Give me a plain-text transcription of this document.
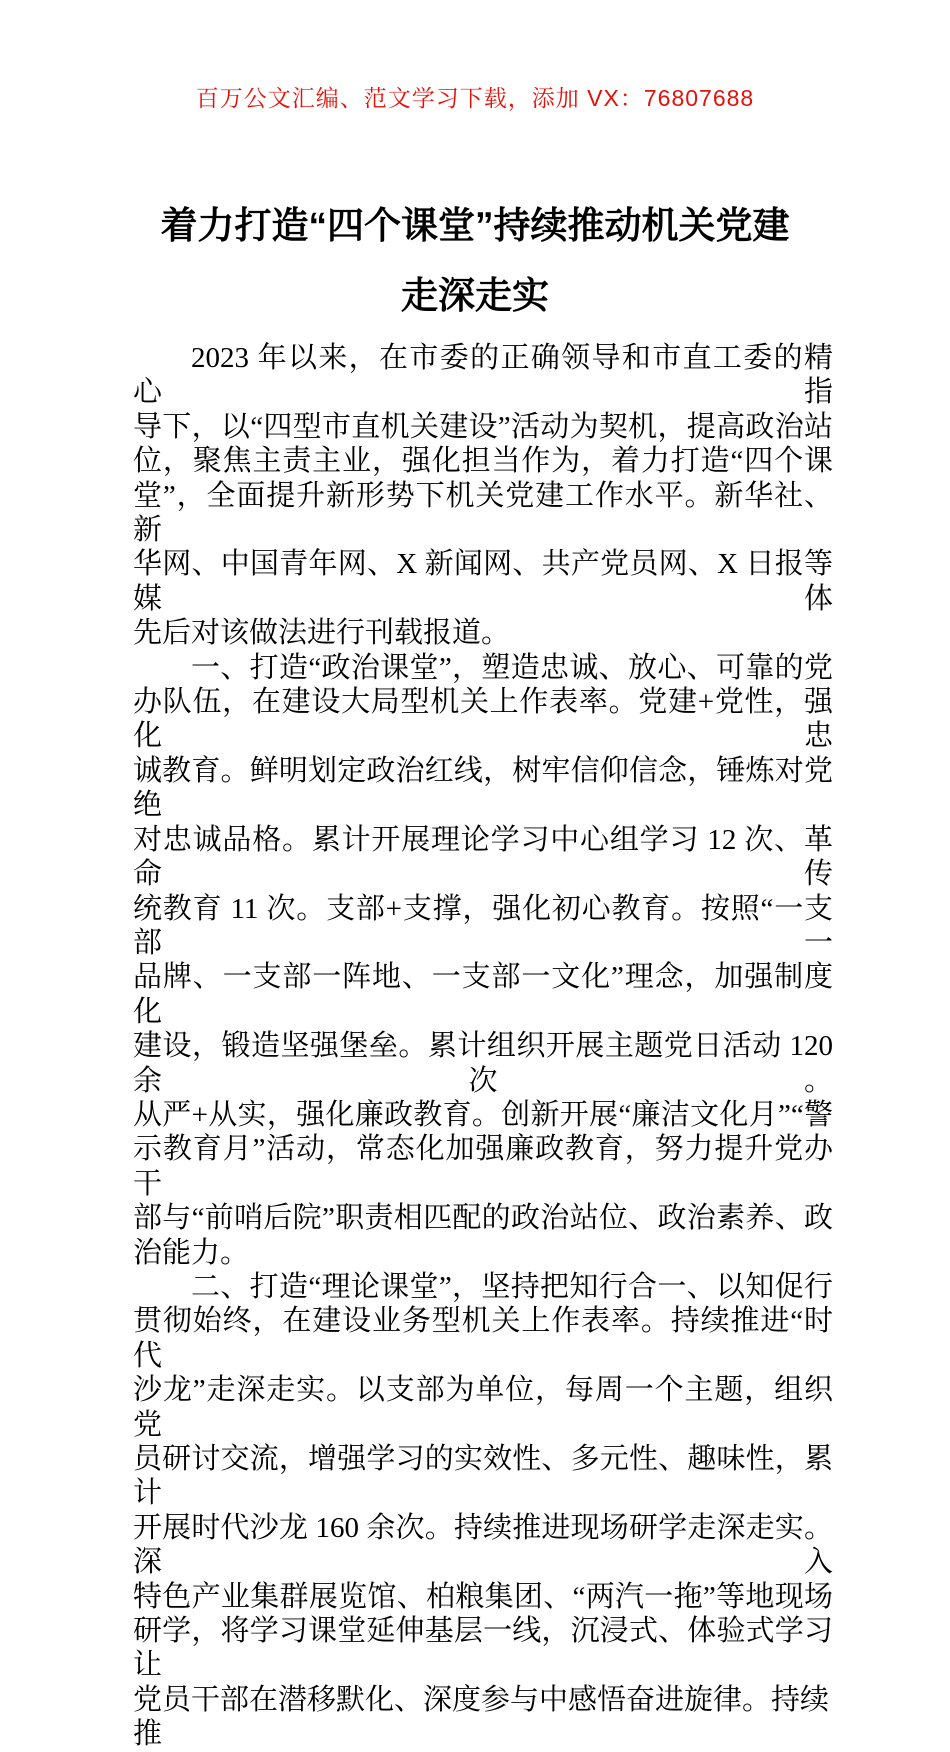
百万公文汇编、范文学习下载，添加 VX：76807688
着力打造“四个课堂”持续推动机关党建
走深走实

2023 年以来，在市委的正确领导和市直工委的精心指
导下，以“四型市直机关建设”活动为契机，提高政治站
位，聚焦主责主业，强化担当作为，着力打造“四个课
堂”，全面提升新形势下机关党建工作水平。新华社、新
华网、中国青年网、X 新闻网、共产党员网、X 日报等媒体
先后对该做法进行刊载报道。

一、打造“政治课堂”，塑造忠诚、放心、可靠的党
办队伍，在建设大局型机关上作表率。党建+党性，强化忠
诚教育。鲜明划定政治红线，树牢信仰信念，锤炼对党绝
对忠诚品格。累计开展理论学习中心组学习 12 次、革命传
统教育 11 次。支部+支撑，强化初心教育。按照“一支部一
品牌、一支部一阵地、一支部一文化”理念，加强制度化
建设，锻造坚强堡垒。累计组织开展主题党日活动 120 余次。
从严+从实，强化廉政教育。创新开展“廉洁文化月”“警
示教育月”活动，常态化加强廉政教育，努力提升党办干
部与“前哨后院”职责相匹配的政治站位、政治素养、政
治能力。

二、打造“理论课堂”，坚持把知行合一、以知促行
贯彻始终，在建设业务型机关上作表率。持续推进“时代
沙龙”走深走实。以支部为单位，每周一个主题，组织党
员研讨交流，增强学习的实效性、多元性、趣味性，累计
开展时代沙龙 160 余次。持续推进现场研学走深走实。深入
特色产业集群展览馆、柏粮集团、“两汽一拖”等地现场
研学，将学习课堂延伸基层一线，沉浸式、体验式学习让
党员干部在潜移默化、深度参与中感悟奋进旋律。持续推
